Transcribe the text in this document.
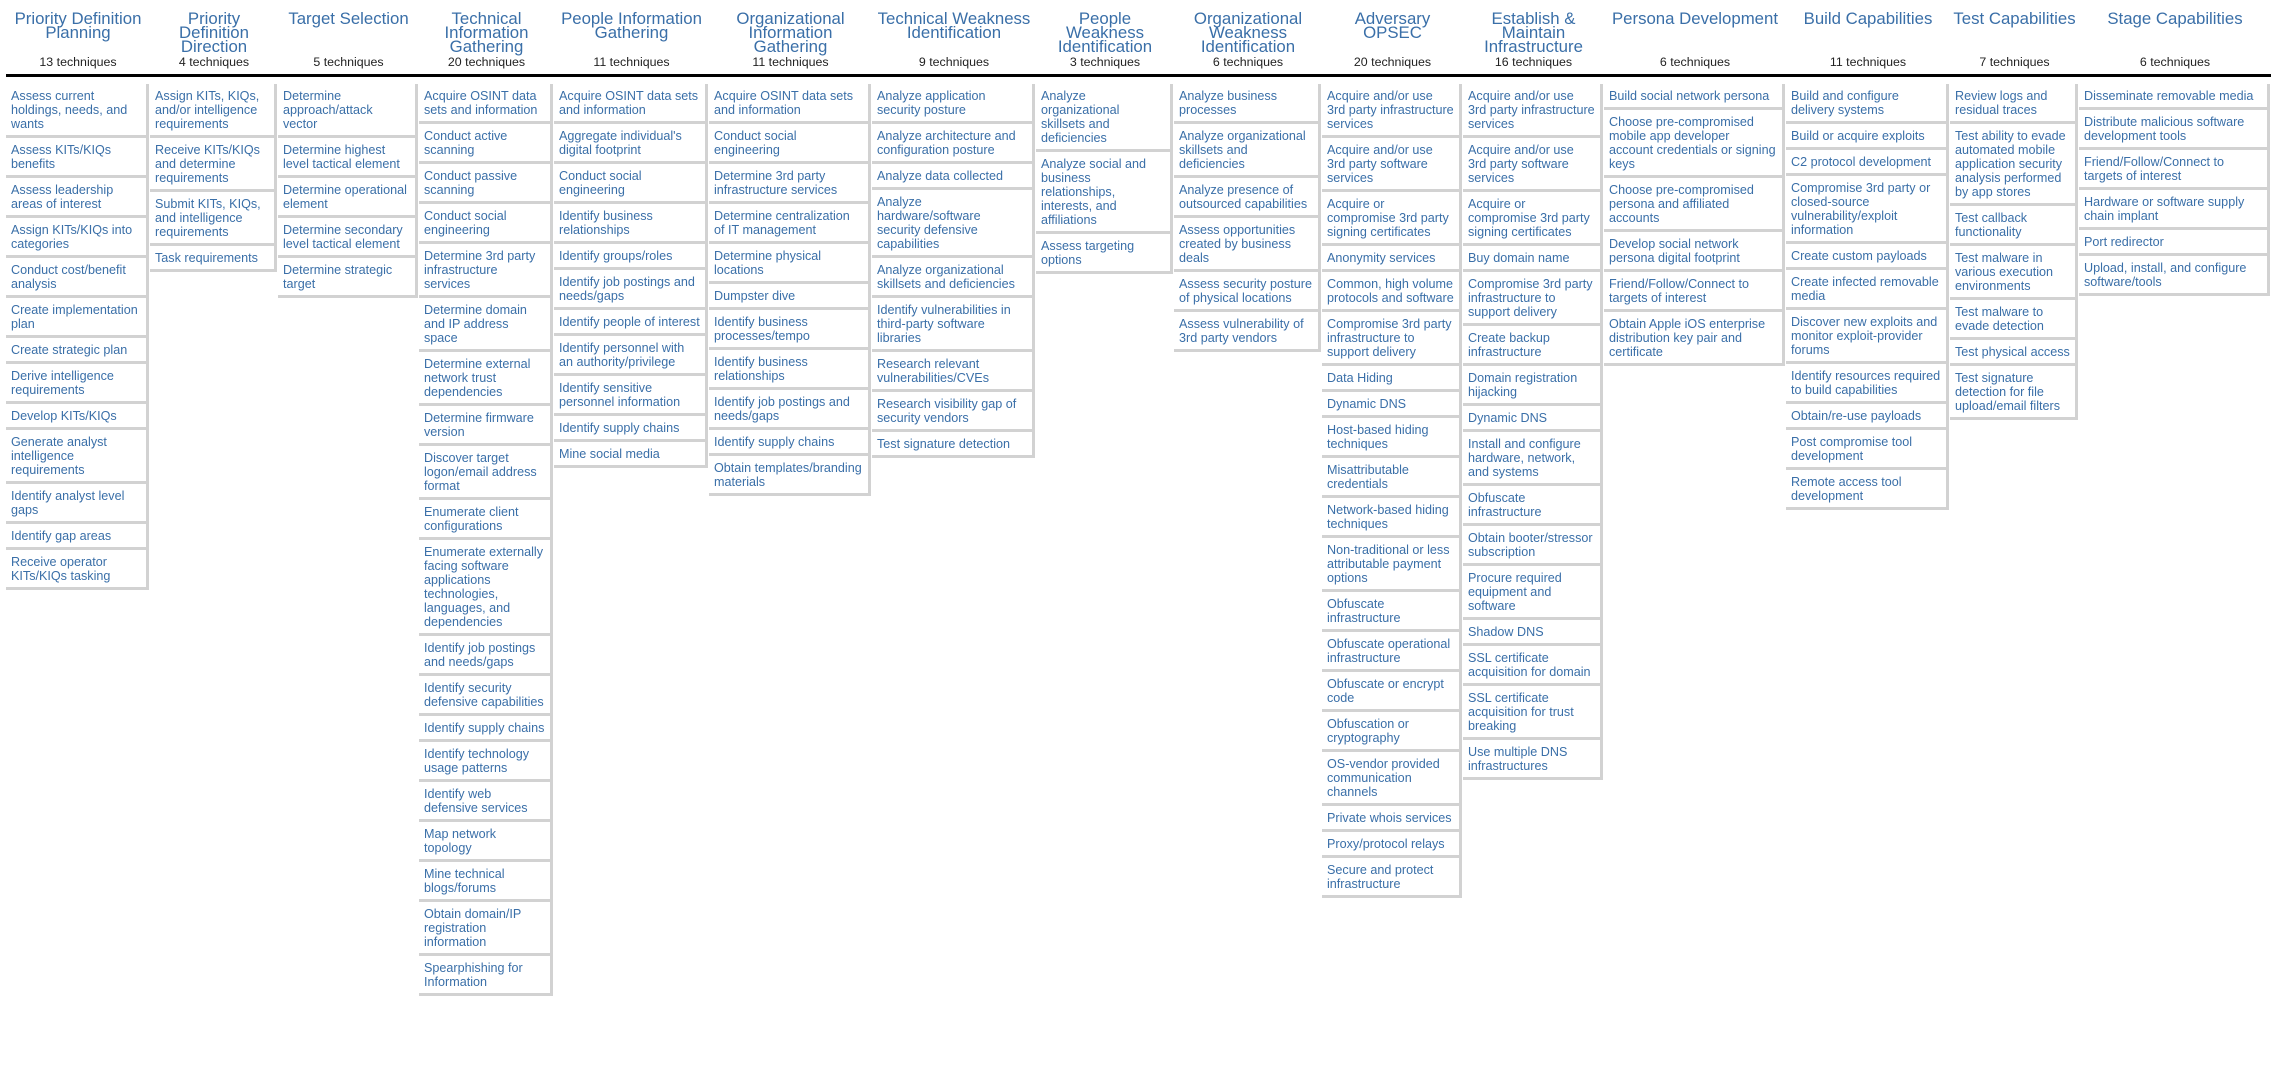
Priority Definition Planning
13 techniques
Assess current holdings, needs, and wants
Assess KITs/KIQs benefits
Assess leadership areas of interest
Assign KITs/KIQs into categories
Conduct cost/benefit analysis
Create implementation plan
Create strategic plan
Derive intelligence requirements
Develop KITs/KIQs
Generate analyst intelligence requirements
Identify analyst level gaps
Identify gap areas
Receive operator KITs/KIQs tasking
Priority Definition Direction
4 techniques
Assign KITs, KIQs, and/or intelligence requirements
Receive KITs/KIQs and determine requirements
Submit KITs, KIQs, and intelligence requirements
Task requirements
Target Selection
5 techniques
Determine approach/attack vector
Determine highest level tactical element
Determine operational element
Determine secondary level tactical element
Determine strategic target
Technical Information Gathering
20 techniques
Acquire OSINT data sets and information
Conduct active scanning
Conduct passive scanning
Conduct social engineering
Determine 3rd party infrastructure services
Determine domain and IP address space
Determine external network trust dependencies
Determine firmware version
Discover target logon/email address format
Enumerate client configurations
Enumerate externally facing software applications technologies, languages, and dependencies
Identify job postings and needs/gaps
Identify security defensive capabilities
Identify supply chains
Identify technology usage patterns
Identify web defensive services
Map network topology
Mine technical blogs/forums
Obtain domain/IP registration information
Spearphishing for Information
People Information Gathering
11 techniques
Acquire OSINT data sets and information
Aggregate individual's digital footprint
Conduct social engineering
Identify business relationships
Identify groups/roles
Identify job postings and needs/gaps
Identify people of interest
Identify personnel with an authority/privilege
Identify sensitive personnel information
Identify supply chains
Mine social media
Organizational Information Gathering
11 techniques
Acquire OSINT data sets and information
Conduct social engineering
Determine 3rd party infrastructure services
Determine centralization of IT management
Determine physical locations
Dumpster dive
Identify business processes/tempo
Identify business relationships
Identify job postings and needs/gaps
Identify supply chains
Obtain templates/branding materials
Technical Weakness Identification
9 techniques
Analyze application security posture
Analyze architecture and configuration posture
Analyze data collected
Analyze hardware/software security defensive capabilities
Analyze organizational skillsets and deficiencies
Identify vulnerabilities in third-party software libraries
Research relevant vulnerabilities/CVEs
Research visibility gap of security vendors
Test signature detection
People Weakness Identification
3 techniques
Analyze organizational skillsets and deficiencies
Analyze social and business relationships, interests, and affiliations
Assess targeting options
Organizational Weakness Identification
6 techniques
Analyze business processes
Analyze organizational skillsets and deficiencies
Analyze presence of outsourced capabilities
Assess opportunities created by business deals
Assess security posture of physical locations
Assess vulnerability of 3rd party vendors
Adversary OPSEC
20 techniques
Acquire and/or use 3rd party infrastructure services
Acquire and/or use 3rd party software services
Acquire or compromise 3rd party signing certificates
Anonymity services
Common, high volume protocols and software
Compromise 3rd party infrastructure to support delivery
Data Hiding
Dynamic DNS
Host-based hiding techniques
Misattributable credentials
Network-based hiding techniques
Non-traditional or less attributable payment options
Obfuscate infrastructure
Obfuscate operational infrastructure
Obfuscate or encrypt code
Obfuscation or cryptography
OS-vendor provided communication channels
Private whois services
Proxy/protocol relays
Secure and protect infrastructure
Establish & Maintain Infrastructure
16 techniques
Acquire and/or use 3rd party infrastructure services
Acquire and/or use 3rd party software services
Acquire or compromise 3rd party signing certificates
Buy domain name
Compromise 3rd party infrastructure to support delivery
Create backup infrastructure
Domain registration hijacking
Dynamic DNS
Install and configure hardware, network, and systems
Obfuscate infrastructure
Obtain booter/stressor subscription
Procure required equipment and software
Shadow DNS
SSL certificate acquisition for domain
SSL certificate acquisition for trust breaking
Use multiple DNS infrastructures
Persona Development
6 techniques
Build social network persona
Choose pre-compromised mobile app developer account credentials or signing keys
Choose pre-compromised persona and affiliated accounts
Develop social network persona digital footprint
Friend/Follow/Connect to targets of interest
Obtain Apple iOS enterprise distribution key pair and certificate
Build Capabilities
11 techniques
Build and configure delivery systems
Build or acquire exploits
C2 protocol development
Compromise 3rd party or closed-source vulnerability/exploit information
Create custom payloads
Create infected removable media
Discover new exploits and monitor exploit-provider forums
Identify resources required to build capabilities
Obtain/re-use payloads
Post compromise tool development
Remote access tool development
Test Capabilities
7 techniques
Review logs and residual traces
Test ability to evade automated mobile application security analysis performed by app stores
Test callback functionality
Test malware in various execution environments
Test malware to evade detection
Test physical access
Test signature detection for file upload/email filters
Stage Capabilities
6 techniques
Disseminate removable media
Distribute malicious software development tools
Friend/Follow/Connect to targets of interest
Hardware or software supply chain implant
Port redirector
Upload, install, and configure software/tools
